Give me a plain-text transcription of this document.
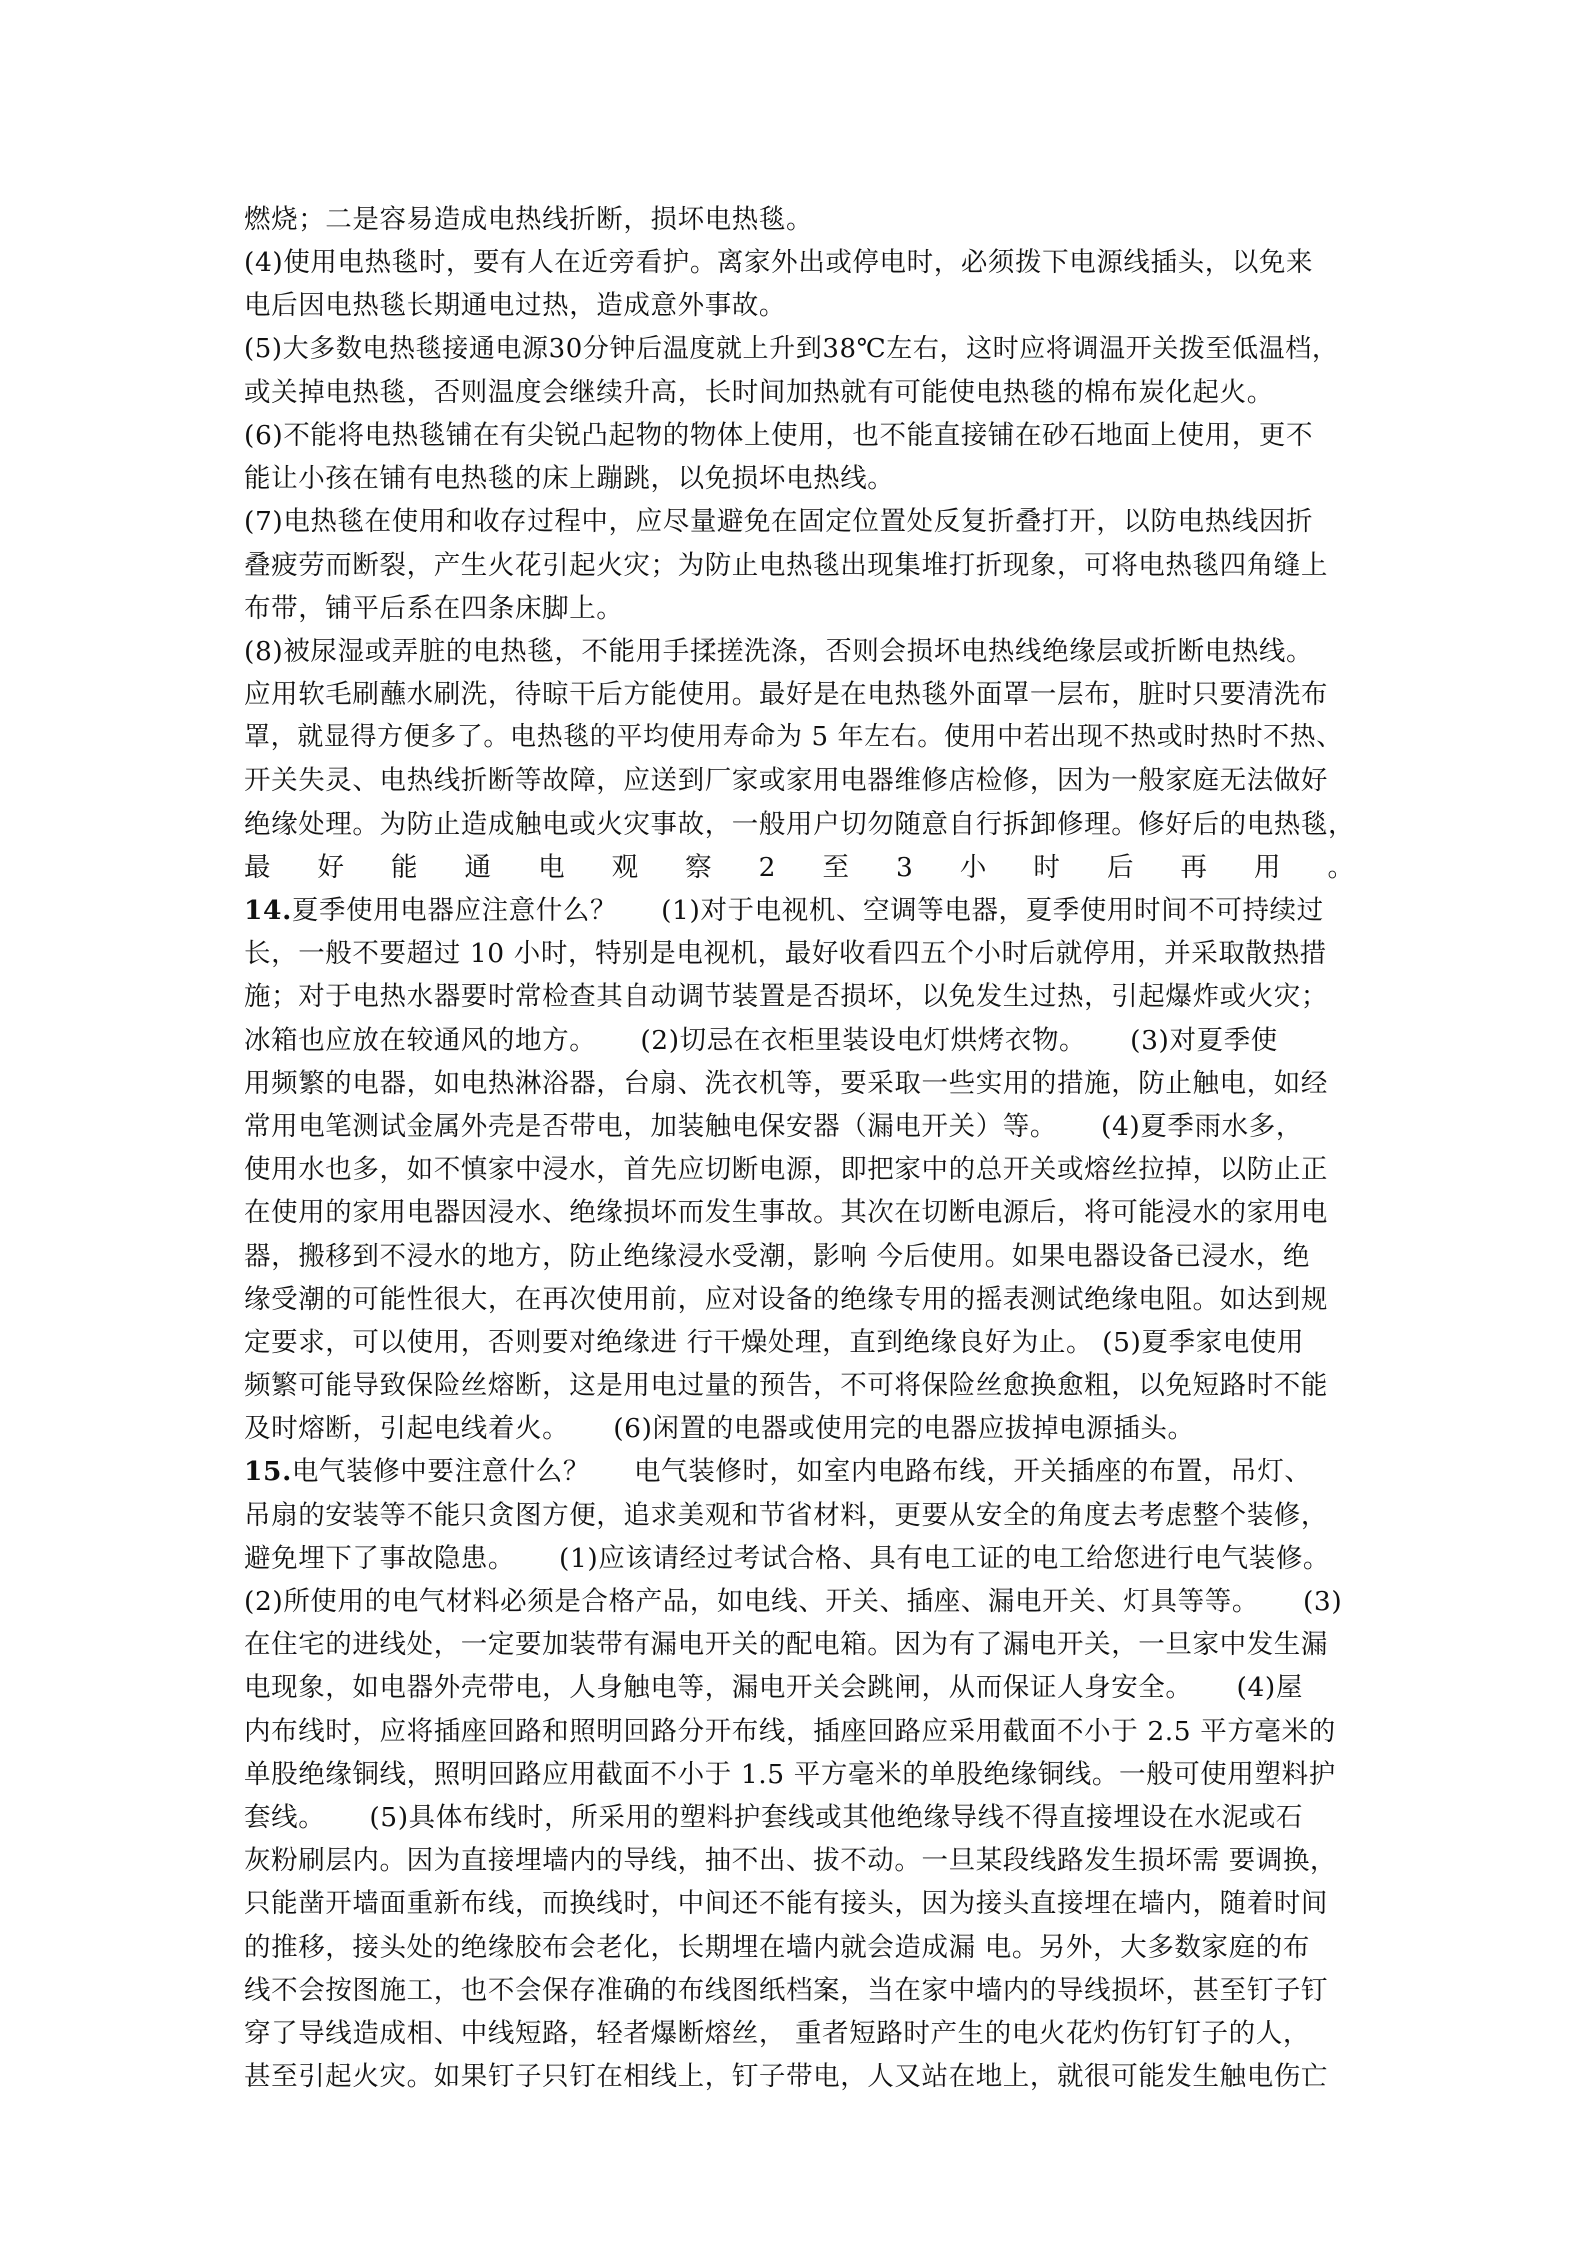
燃烧；二是容易造成电热线折断，损坏电热毯。
(4)使用电热毯时，要有人在近旁看护。离家外出或停电时，必须拨下电源线插头，以免来
电后因电热毯长期通电过热，造成意外事故。
(5)大多数电热毯接通电源30分钟后温度就上升到38℃左右，这时应将调温开关拨至低温档，
或关掉电热毯，否则温度会继续升高，长时间加热就有可能使电热毯的棉布炭化起火。
(6)不能将电热毯铺在有尖锐凸起物的物体上使用，也不能直接铺在砂石地面上使用，更不
能让小孩在铺有电热毯的床上蹦跳，以免损坏电热线。
(7)电热毯在使用和收存过程中，应尽量避免在固定位置处反复折叠打开，以防电热线因折
叠疲劳而断裂，产生火花引起火灾；为防止电热毯出现集堆打折现象，可将电热毯四角缝上
布带，铺平后系在四条床脚上。
(8)被尿湿或弄脏的电热毯，不能用手揉搓洗涤，否则会损坏电热线绝缘层或折断电热线。
应用软毛刷蘸水刷洗，待晾干后方能使用。最好是在电热毯外面罩一层布，脏时只要清洗布
罩，就显得方便多了。电热毯的平均使用寿命为 5 年左右。使用中若出现不热或时热时不热、
开关失灵、电热线折断等故障，应送到厂家或家用电器维修店检修，因为一般家庭无法做好
绝缘处理。为防止造成触电或火灾事故，一般用户切勿随意自行拆卸修理。修好后的电热毯，
最 好 能 通 电 观 察 2 至 3 小 时 后 再 用 。
14.夏季使用电器应注意什么？ (1)对于电视机、空调等电器，夏季使用时间不可持续过
长，一般不要超过 10 小时，特别是电视机，最好收看四五个小时后就停用，并采取散热措
施；对于电热水器要时常检查其自动调节装置是否损坏，以免发生过热，引起爆炸或火灾；
冰箱也应放在较通风的地方。 (2)切忌在衣柜里装设电灯烘烤衣物。 (3)对夏季使
用频繁的电器，如电热淋浴器，台扇、洗衣机等，要采取一些实用的措施，防止触电，如经
常用电笔测试金属外壳是否带电，加装触电保安器（漏电开关）等。 (4)夏季雨水多，
使用水也多，如不慎家中浸水，首先应切断电源，即把家中的总开关或熔丝拉掉，以防止正
在使用的家用电器因浸水、绝缘损坏而发生事故。其次在切断电源后，将可能浸水的家用电
器，搬移到不浸水的地方，防止绝缘浸水受潮，影响 今后使用。如果电器设备已浸水，绝
缘受潮的可能性很大，在再次使用前，应对设备的绝缘专用的摇表测试绝缘电阻。如达到规
定要求，可以使用，否则要对绝缘进 行干燥处理，直到绝缘良好为止。 (5)夏季家电使用
频繁可能导致保险丝熔断，这是用电过量的预告，不可将保险丝愈换愈粗，以免短路时不能
及时熔断，引起电线着火。 (6)闲置的电器或使用完的电器应拔掉电源插头。
15.电气装修中要注意什么？ 电气装修时，如室内电路布线，开关插座的布置，吊灯、
吊扇的安装等不能只贪图方便，追求美观和节省材料，更要从安全的角度去考虑整个装修，
避免埋下了事故隐患。 (1)应该请经过考试合格、具有电工证的电工给您进行电气装修。
(2)所使用的电气材料必须是合格产品，如电线、开关、插座、漏电开关、灯具等等。 (3)
在住宅的进线处，一定要加装带有漏电开关的配电箱。因为有了漏电开关，一旦家中发生漏
电现象，如电器外壳带电，人身触电等，漏电开关会跳闸，从而保证人身安全。 (4)屋
内布线时，应将插座回路和照明回路分开布线，插座回路应采用截面不小于 2.5 平方毫米的
单股绝缘铜线，照明回路应用截面不小于 1.5 平方毫米的单股绝缘铜线。一般可使用塑料护
套线。 (5)具体布线时，所采用的塑料护套线或其他绝缘导线不得直接埋设在水泥或石
灰粉刷层内。因为直接埋墙内的导线，抽不出、拔不动。一旦某段线路发生损坏需 要调换，
只能凿开墙面重新布线，而换线时，中间还不能有接头，因为接头直接埋在墙内，随着时间
的推移，接头处的绝缘胶布会老化，长期埋在墙内就会造成漏 电。另外，大多数家庭的布
线不会按图施工，也不会保存准确的布线图纸档案，当在家中墙内的导线损坏，甚至钉子钉
穿了导线造成相、中线短路，轻者爆断熔丝， 重者短路时产生的电火花灼伤钉钉子的人，
甚至引起火灾。如果钉子只钉在相线上，钉子带电，人又站在地上，就很可能发生触电伤亡
